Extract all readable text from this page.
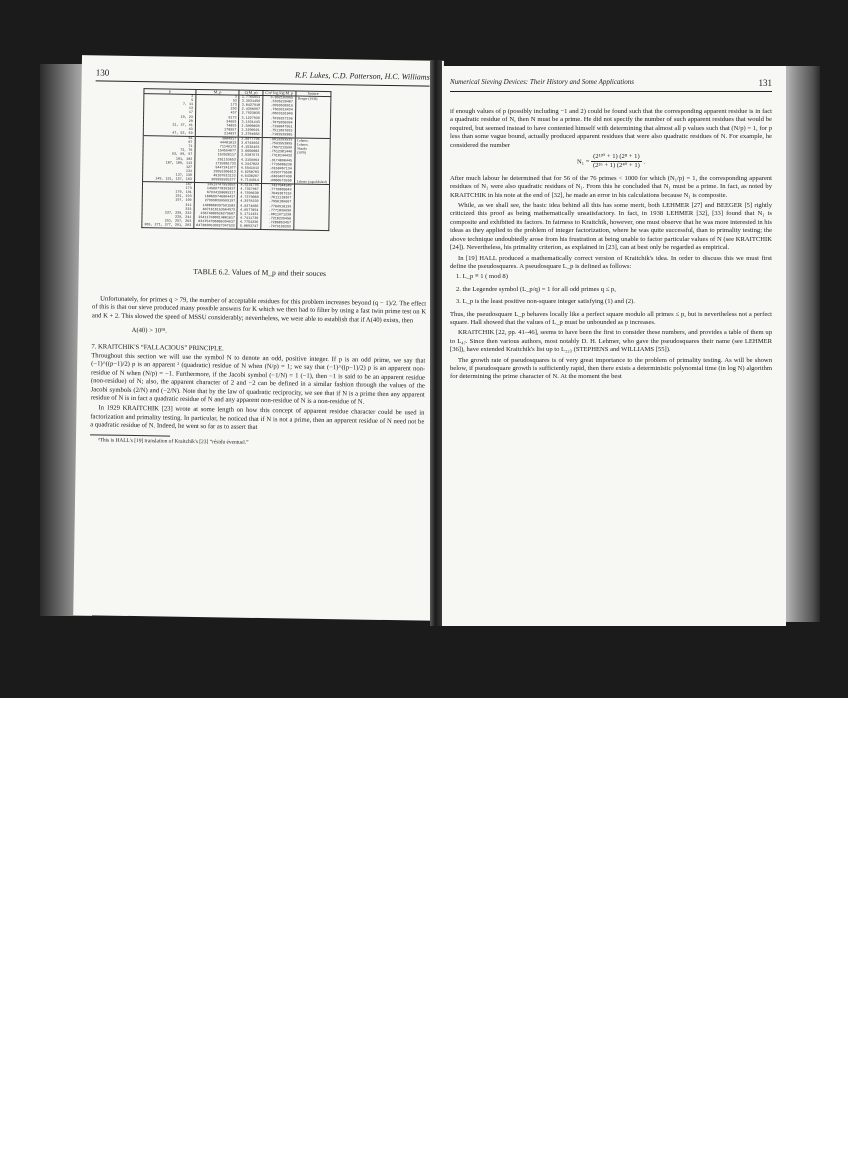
130	R.F. Lukes, C.D. Patterson, H.C. Williams
p	M_p	C(M_p)	C/π² log log M_p	Source
3	3	1.7765851	3.092183955	Beeger (1938)
5	53	3.3831458	.5835239407	
7, 11	173	3.0427910	.8999530919	
13	293	2.4386997	.7683818434	
17	437	2.7923035	.8689101049	
19, 23	9173	3.1227938	.7839297196	
29	24653	3.1831443	.7675036884	
31, 37, 41	74093	2.5800038	.7156047951	
43	170957	3.3290921	.7511657033	
47, 53, 59	214037	3.2704658	.7103539905	
61	3004917	3.9077796	.8613253533	Lehmer,
67	44401013	3.6743032	.7583553099	Lehmer,
71	71148173	4.1538483	.7657213588	Shanks
73, 79	154554077	3.6666002	.7512301448	(1970)
83, 89, 97	163520117	3.9307573	.7310144432	
101, 103	261153653	4.3158864	.8174080445	
107, 109, 113	1728061733	4.3447022	.7735006236	
127	9447241877	4.5541813	.8150467134	
131	19553206613	4.6250703	.8293779590	
137, 139	49107823133	4.6430287	.8469487430	
149, 151, 157, 163	385995595277	4.7144914	.8060573850	Lehmer (unpublished)
167	13513747953653	4.5141795	.7437944548	
173	14568770383037	4.7357867	.7778009048	
179, 181	67834190605317	4.7598630	.7645367318	
191, 193	160699746084437	4.7379060	.7611110387	
197, 199	279990398589197	4.2978339	.7956108667	
211	1400060397581503	4.8274866	.7768910138	
223	4071616153564973	4.8577054	.7771038898	
227, 229, 233	15674000526279607	5.1711431	.8011871230	
239, 241	234117800814001617	4.7411736	.7210239456	
251, 257, 263	633754706006394837	4.7753236	.7206053457	
269, 271, 277, 281, 283	6472688538827347533	5.0093747	.7479198393	
TABLE 6.2. Values of M_p and their souces

Unfortunately, for primes q > 79, the number of acceptable residues for this problem increases beyond (q − 1)/2. The effect of this is that our sieve produced many possible answers for K which we then had to filter by using a fast twin prime test on K and K + 2. This slowed the speed of MSSU considerably; nevertheless, we were able to establish that if A(40) exists, then

A(40) > 10¹⁸.

7. KRAITCHIK'S “FALLACIOUS” PRINCIPLE.

Throughout this section we will use the symbol N to denote an odd, positive integer. If p is an odd prime, we say that (−1)^((p−1)/2) p is an apparent ² (quadratic) residue of N when (N/p) = 1; we say that (−1)^((p−1)/2) p is an apparent non-residue of N when (N/p) = −1. Furthermore, if the Jacobi symbol (−1/N) = 1 (−1), then −1 is said to be an apparent residue (non-residue) of N; also, the apparent character of 2 and −2 can be defined in a similar fashion through the values of the Jacobi symbols (2/N) and (−2/N). Note that by the law of quadratic reciprocity, we see that if N is a prime then any apparent residue of N is in fact a quadratic residue of N and any apparent non-residue of N is a non-residue of N.

In 1929 KRAITCHIK [23] wrote at some length on how this concept of apparent residue character could be used in factorization and primality testing. In particular, he noticed that if N is not a prime, then an apparent residue of N need not be a quadratic residue of N. Indeed, he went so far as to assert that

²This is HALL's [19] translation of Kraitchik's [23] “résidu éventuel.”

Numerical Sieving Devices: Their History and Some Applications	131

if enough values of p (possibly including −1 and 2) could be found such that the corresponding apparent residue is in fact a quadratic residue of N, then N must be a prime. He did not specify the number of such apparent residues that would be required, but seemed instead to have contented himself with determining that almost all p values such that (N/p) = 1, for p less than some vague bound, actually produced apparent residues that were also quadratic residues of N. For example, he considered the number

$N_1 = \frac{\text{(2¹³⁰ + 1) (2⁸ + 1)}}{\text{(2²⁶ + 1) (2⁴⁰ + 1)}}$ .

After much labour he determined that for 56 of the 76 primes < 1000 for which (N₁/p) = 1, the corresponding apparent residues of N₁ were also quadratic residues of N₁. From this he concluded that N₁ must be a prime. In fact, as noted by KRAITCHIK in his note at the end of [32], he made an error in his calculations because N₁ is composite.

While, as we shall see, the basic idea behind all this has some merit, both LEHMER [27] and BEEGER [5] rightly criticized this proof as being mathematically unsatisfactory. In fact, in 1938 LEHMER [32], [33] found that N₁ is composite and exhibited its factors. In fairness to Kraitchik, however, one must observe that he was more interested in his ideas as they applied to the problem of integer factorization, where he was quite successful, than to primality testing; the above technique undoubtedly arose from his frustration at being unable to factor particular values of N (see KRAITCHIK [24]). Nevertheless, his primality criterion, as explained in [23], can at best only be regarded as empirical.

In [19] HALL produced a mathematically correct version of Kraitchik's idea. In order to discuss this we must first define the pseudosquares. A pseudosquare L_p is defined as follows:

1. L_p ≡ 1 ( mod 8)
2. the Legendre symbol (L_p/q) = 1 for all odd primes q ≤ p,
3. L_p is the least positive non-square integer satisfying (1) and (2).

Thus, the pseudosquare L_p behaves locally like a perfect square modulo all primes ≤ p, but is nevertheless not a perfect square. Hall showed that the values of L_p must be unbounded as p increases.

KRAITCHIK [22, pp. 41–46], seems to have been the first to consider these numbers, and provides a table of them up to L₄₇. Since then various authors, most notably D. H. Lehmer, who gave the pseudosquares their name (see LEHMER [36]), have extended Kraitchik's list up to L₂₂₃ (STEPHENS and WILLIAMS [55]).

The growth rate of pseudosquares is of very great importance to the problem of primality testing. As will be shown below, if pseudosquare growth is sufficiently rapid, then there exists a deterministic polynomial time (in log N) algorithm for determining the prime character of N. At the moment the best
